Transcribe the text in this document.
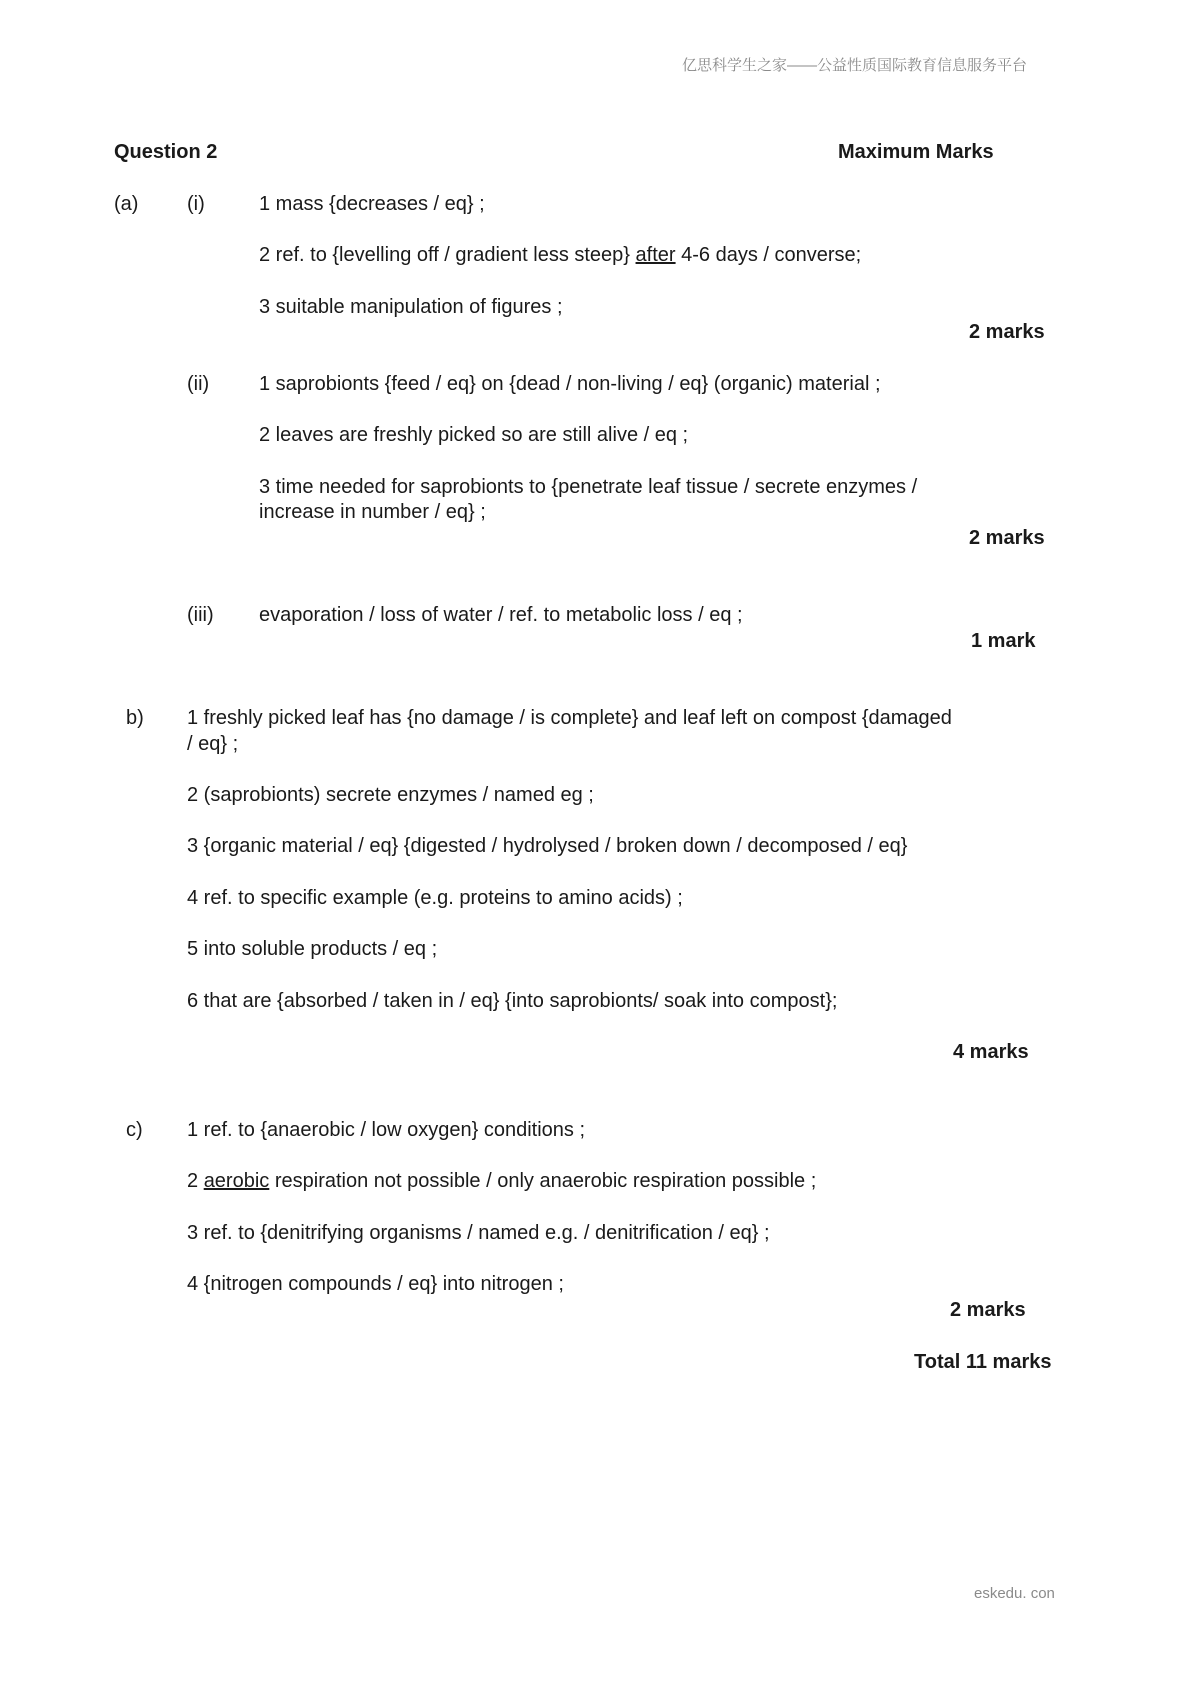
亿思科学生之家——公益性质国际教育信息服务平台
Question 2	Maximum Marks
(a) (i)	1 mass {decreases / eq} ;
2 ref. to {levelling off / gradient less steep} after 4-6 days / converse;
3 suitable manipulation of figures ;
2 marks
(ii) 1 saprobionts {feed / eq} on {dead / non-living / eq} (organic) material ;
2 leaves are freshly picked so are still alive / eq ;
3 time needed for saprobionts to {penetrate leaf tissue / secrete enzymes /
increase in number / eq} ;
2 marks
(iii) evaporation / loss of water / ref. to metabolic loss / eq ;
1 mark
b) 1 freshly picked leaf has {no damage / is complete} and leaf left on compost {damaged
/ eq} ;
2 (saprobionts) secrete enzymes / named eg ;
3 {organic material / eq} {digested / hydrolysed / broken down / decomposed / eq}
4 ref. to specific example (e.g. proteins to amino acids) ;
5 into soluble products / eq ;
6 that are {absorbed / taken in / eq} {into saprobionts/ soak into compost};
4 marks
c) 1 ref. to {anaerobic / low oxygen} conditions ;
2 aerobic respiration not possible / only anaerobic respiration possible ;
3 ref. to {denitrifying organisms / named e.g. / denitrification / eq} ;
4 {nitrogen compounds / eq} into nitrogen ;
2 marks
Total 11 marks
eskedu. con
